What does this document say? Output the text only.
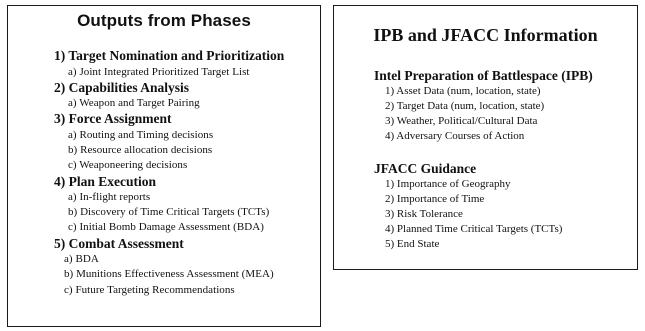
Outputs from Phases
1) Target Nomination and Prioritization
a) Joint Integrated Prioritized Target List
2) Capabilities Analysis
a) Weapon and Target Pairing
3) Force Assignment
a) Routing and Timing decisions
b) Resource allocation decisions
c) Weaponeering decisions
4) Plan Execution
a) In-flight reports
b) Discovery of Time Critical Targets (TCTs)
c) Initial Bomb Damage Assessment (BDA)
5) Combat Assessment
a) BDA
b) Munitions Effectiveness Assessment (MEA)
c) Future Targeting Recommendations
IPB and JFACC Information
Intel Preparation of Battlespace (IPB)
1) Asset Data (num, location, state)
2) Target Data (num, location, state)
3) Weather, Political/Cultural Data
4) Adversary Courses of Action
JFACC Guidance
1) Importance of Geography
2) Importance of Time
3) Risk Tolerance
4) Planned Time Critical Targets (TCTs)
5) End State
